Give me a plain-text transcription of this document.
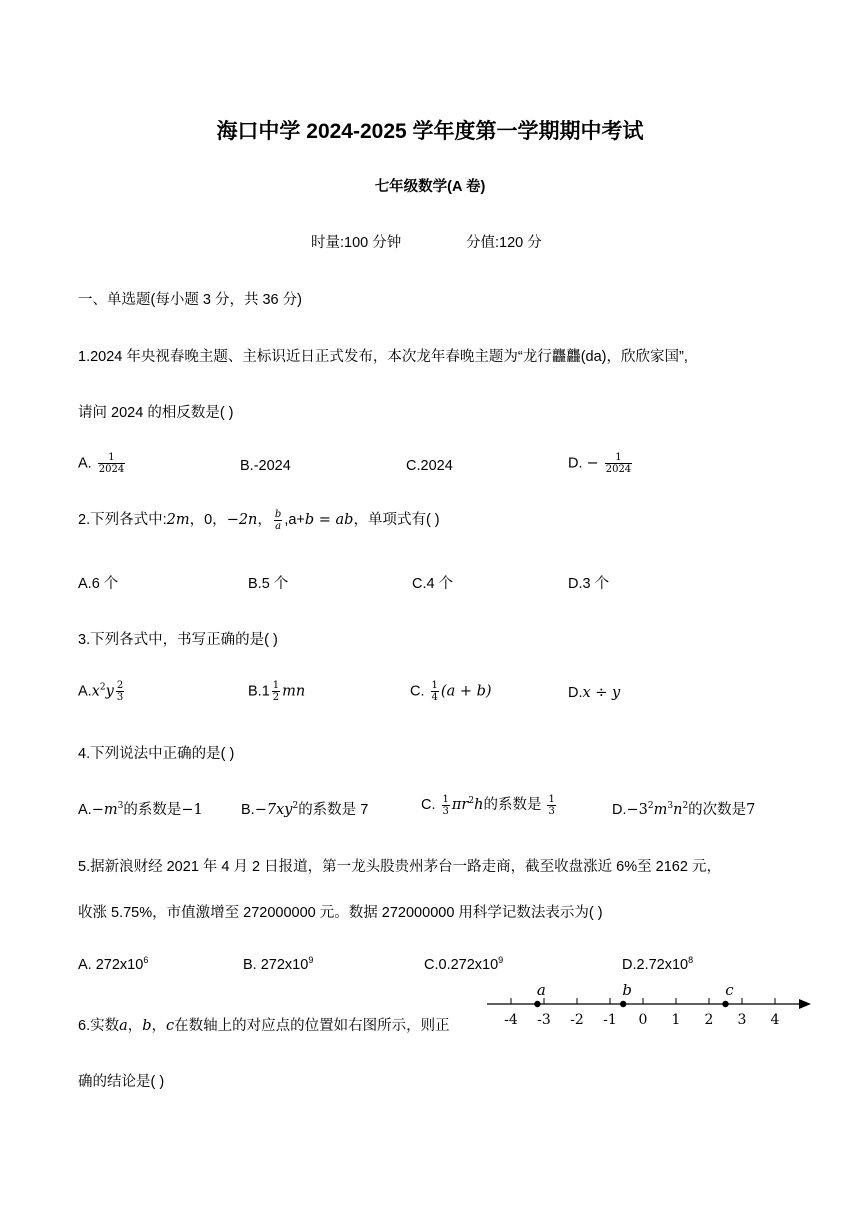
海口中学 2024-2025 学年度第一学期期中考试
七年级数学(A 卷)
时量:100 分钟	分值:120 分
一、单选题(每小题 3 分，共 36 分)
1.2024 年央视春晚主题、主标识近日正式发布，本次龙年春晚主题为“龙行龘龘(da)，欣欣家国”,
请问 2024 的相反数是( )
A. $\frac{1}{2024}$	B.-2024	C.2024	D. − $\frac{1}{2024}$
2.下列各式中:2m，0，−2n， $\frac{b}{a} ,a+b$ = ab，单项式有( )
A.6 个	B.5 个	C.4 个	D.3 个
3.下列各式中，书写正确的是( )
$A.x^2y \frac{2}{3}$	$B.1 \frac{1}{2}$ mn	C. $\frac{1}{4} (a + b)$	D.x ÷ y
4.下列说法中正确的是( )
$A.-m^3$的系数是−1	$B.-7xy^2$的系数是 7	C. $\frac{1}{3} \pi r^2h$的系数是 $\frac{1}{3}$	$D.-3^2m^3n^2$的次数是7
5.据新浪财经 2021 年 4 月 2 日报道，第一龙头股贵州茅台一路走商，截至收盘涨近 6%至 2162 元，
收涨 5.75%，市值激增至 272000000 元。数据 272000000 用科学记数法表示为( )
A. $272x10^6$	B. $272x10^9$	$C.0.272x10^9$	$D.2.72x10^8$
6.实数a，b，c在数轴上的对应点的位置如右图所示，则正
确的结论是( )
-4 -3 -2 -1 0 1 2 3 4
a	b	c
